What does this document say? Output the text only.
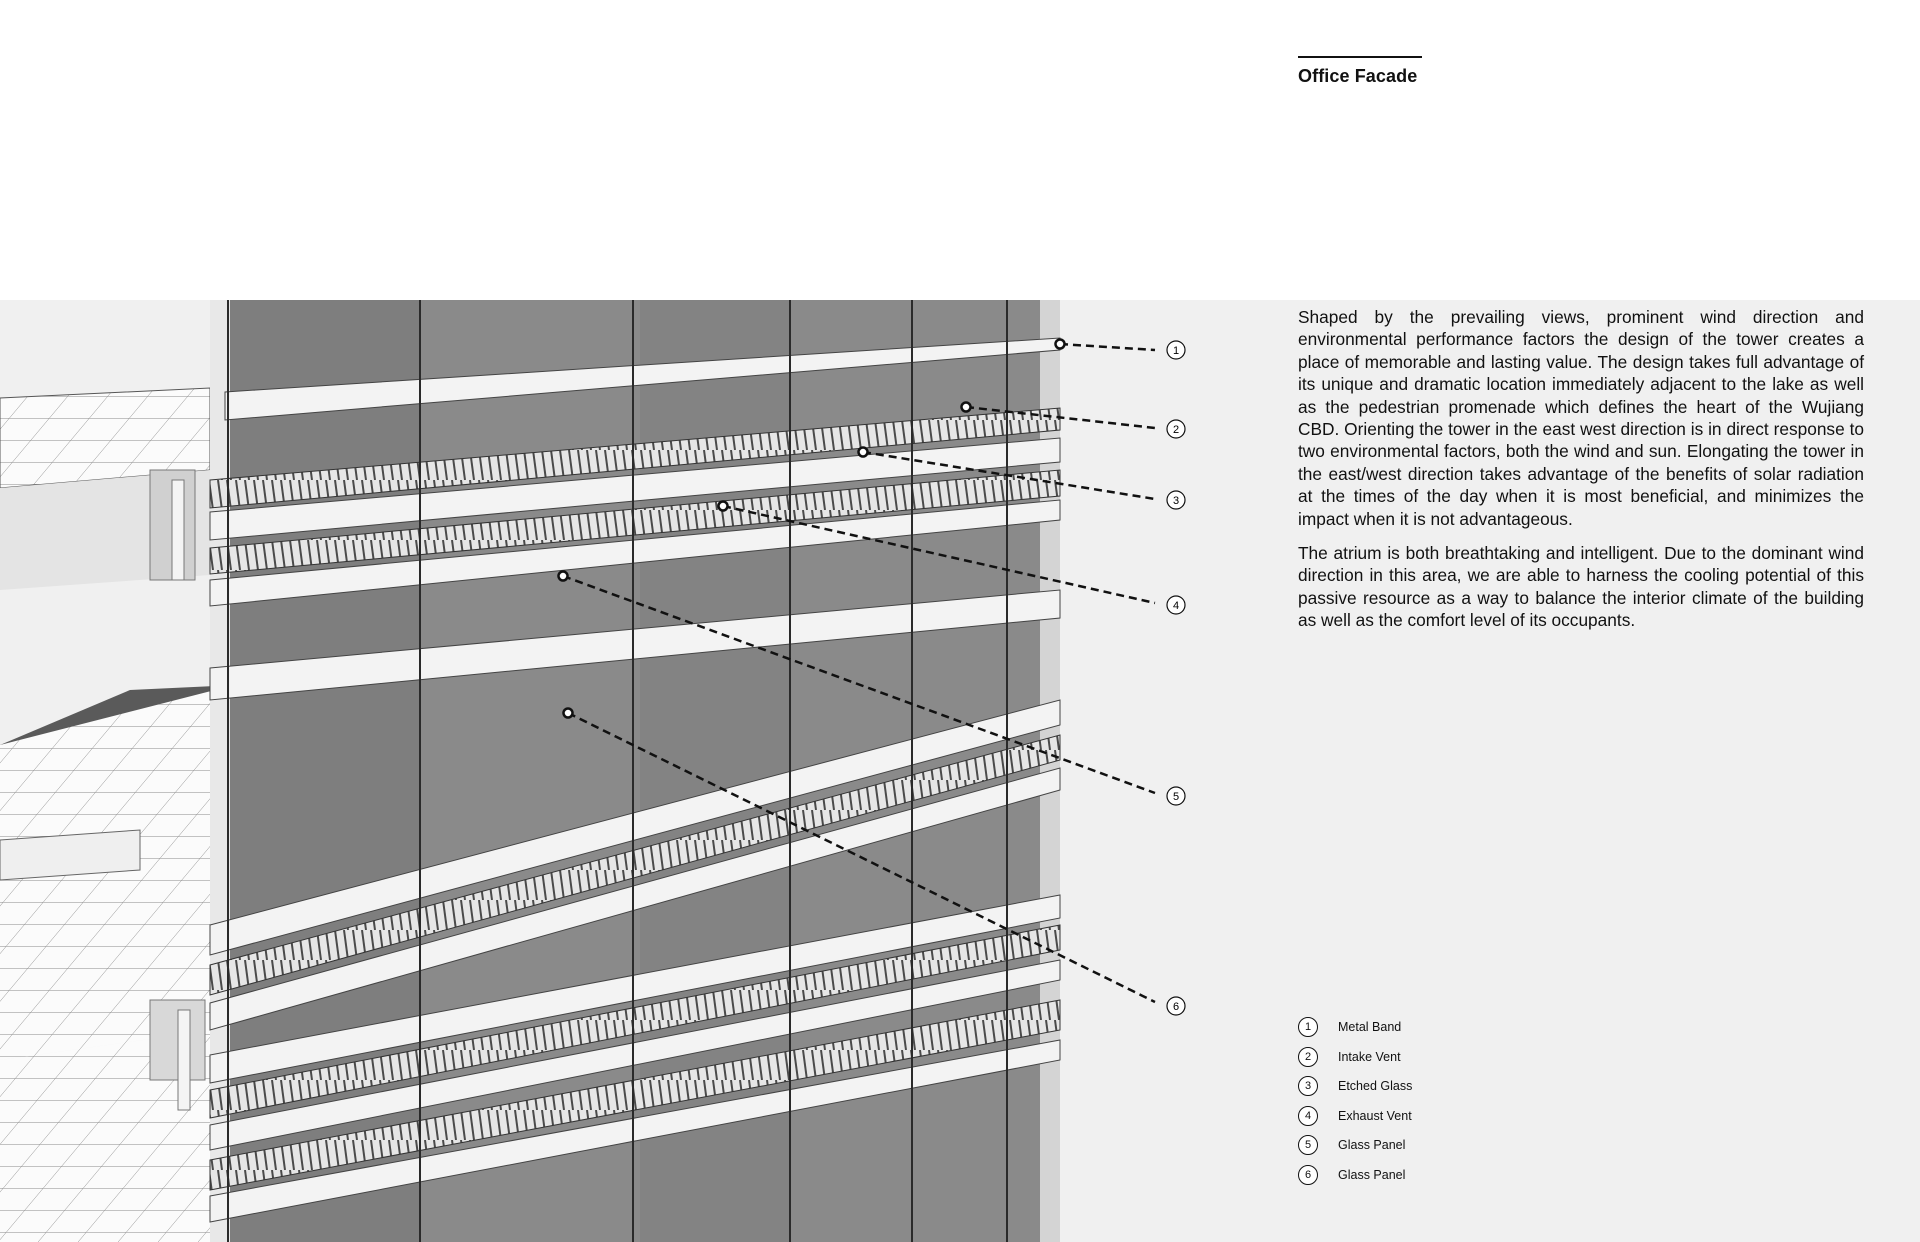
1
2
3
4
5
6
Office Facade

Shaped by the prevailing views, prominent wind direction and environmental performance factors the design of the tower creates a place of memorable and lasting value. The design takes full advantage of its unique and dramatic location immediately adjacent to the lake as well as the pedestrian promenade which defines the heart of the Wujiang CBD. Orienting the tower in the east west direction is in direct response to two environmental factors, both the wind and sun. Elongating the tower in the east/west direction takes advantage of the benefits of solar radiation at the times of the day when it is most beneficial, and minimizes the impact when it is not advantageous.

The atrium is both breathtaking and intelligent. Due to the dominant wind direction in this area, we are able to harness the cooling potential of this passive resource as a way to balance the interior climate of the building as well as the comfort level of its occupants.

1	Metal Band
2	Intake Vent
3	Etched Glass
4	Exhaust Vent
5	Glass Panel
6	Glass Panel
